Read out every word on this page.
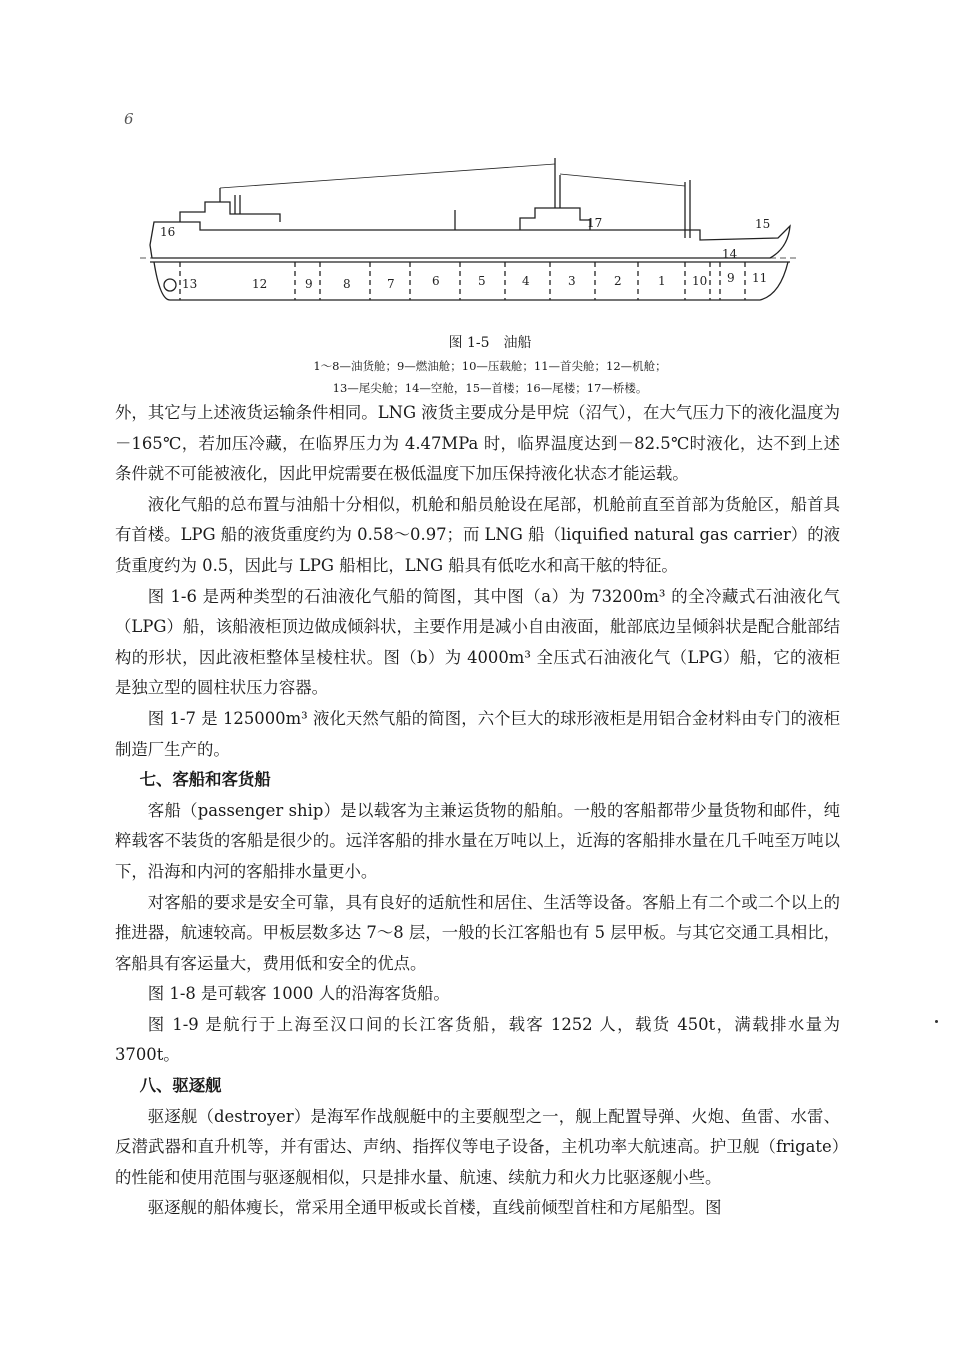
6
12
13	9	8	7	6	5	4	3	2	1 10 9 11
14
15
16
17
图 1-5　油船
1～8—油货舱；9—燃油舱；10—压载舱；11—首尖舱；12—机舱；
13—尾尖舱；14—空舱，15—首楼；16—尾楼；17—桥楼。

外，其它与上述液货运输条件相同。LNG 液货主要成分是甲烷（沼气），在大气压力下的液化温度为－165℃，若加压冷藏，在临界压力为 4.47MPa 时，临界温度达到－82.5℃时液化，达不到上述条件就不可能被液化，因此甲烷需要在极低温度下加压保持液化状态才能运载。

液化气船的总布置与油船十分相似，机舱和船员舱设在尾部，机舱前直至首部为货舱区，船首具有首楼。LPG 船的液货重度约为 0.58～0.97；而 LNG 船（liquified natural gas carrier）的液货重度约为 0.5，因此与 LPG 船相比，LNG 船具有低吃水和高干舷的特征。

图 1-6 是两种类型的石油液化气船的简图，其中图（a）为 73200m³ 的全冷藏式石油液化气（LPG）船，该船液柜顶边做成倾斜状，主要作用是减小自由液面，舭部底边呈倾斜状是配合舭部结构的形状，因此液柜整体呈棱柱状。图（b）为 4000m³ 全压式石油液化气（LPG）船，它的液柜是独立型的圆柱状压力容器。

图 1-7 是 125000m³ 液化天然气船的简图，六个巨大的球形液柜是用铝合金材料由专门的液柜制造厂生产的。

七、客船和客货船

客船（passenger ship）是以载客为主兼运货物的船舶。一般的客船都带少量货物和邮件，纯粹载客不装货的客船是很少的。远洋客船的排水量在万吨以上，近海的客船排水量在几千吨至万吨以下，沿海和内河的客船排水量更小。

对客船的要求是安全可靠，具有良好的适航性和居住、生活等设备。客船上有二个或二个以上的推进器，航速较高。甲板层数多达 7～8 层，一般的长江客船也有 5 层甲板。与其它交通工具相比，客船具有客运量大，费用低和安全的优点。

图 1-8 是可载客 1000 人的沿海客货船。

图 1-9 是航行于上海至汉口间的长江客货船，载客 1252 人，载货 450t，满载排水量为 3700t。

八、驱逐舰

驱逐舰（destroyer）是海军作战舰艇中的主要舰型之一，舰上配置导弹、火炮、鱼雷、水雷、反潜武器和直升机等，并有雷达、声纳、指挥仪等电子设备，主机功率大航速高。护卫舰（frigate）的性能和使用范围与驱逐舰相似，只是排水量、航速、续航力和火力比驱逐舰小些。

驱逐舰的船体瘦长，常采用全通甲板或长首楼，直线前倾型首柱和方尾船型。图
